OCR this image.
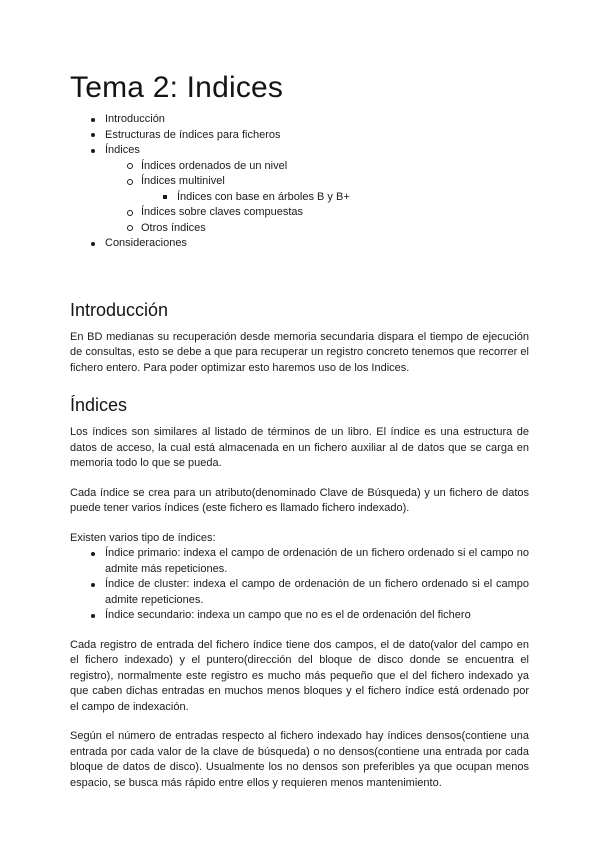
Tema 2: Indices
Introducción
Estructuras de índices para ficheros
Índices
Índices ordenados de un nivel
Índices multinivel
Índices con base en árboles B y B+
Índices sobre claves compuestas
Otros índices
Consideraciones
Introducción

En BD medianas su recuperación desde memoria secundaria dispara el tiempo de ejecución de consultas, esto se debe a que para recuperar un registro concreto tenemos que recorrer el fichero entero. Para poder optimizar esto haremos uso de los Indices.

Índices

Los índices son similares al listado de términos de un libro. El índice es una estructura de datos de acceso, la cual está almacenada en un fichero auxiliar al de datos que se carga en memoria todo lo que se pueda.

Cada índice se crea para un atributo(denominado Clave de Búsqueda) y un fichero de datos puede tener varios índices (este fichero es llamado fichero indexado).

Existen varios tipo de índices:

Índice primario: indexa el campo de ordenación de un fichero ordenado si el campo no admite más repeticiones.
Índice de cluster: indexa el campo de ordenación de un fichero ordenado si el campo admite repeticiones.
Índice secundario: indexa un campo que no es el de ordenación del fichero

Cada registro de entrada del fichero índice tiene dos campos, el de dato(valor del campo en el fichero indexado) y el puntero(dirección del bloque de disco donde se encuentra el registro), normalmente este registro es mucho más pequeño que el del fichero indexado ya que caben dichas entradas en muchos menos bloques y el fichero índice está ordenado por el campo de indexación.

Según el número de entradas respecto al fichero indexado hay índices densos(contiene una entrada por cada valor de la clave de búsqueda) o no densos(contiene una entrada por cada bloque de datos de disco). Usualmente los no densos son preferibles ya que ocupan menos espacio, se busca más rápido entre ellos y requieren menos mantenimiento.
